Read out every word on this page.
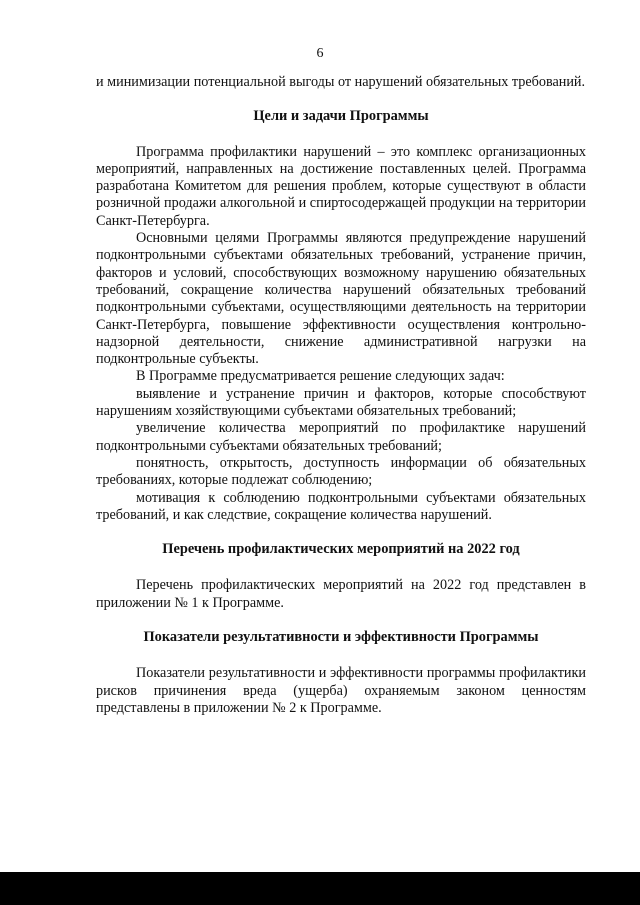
6

и минимизации потенциальной выгоды от нарушений обязательных требований.

Цели и задачи Программы

Программа профилактики нарушений – это комплекс организационных мероприятий, направленных на достижение поставленных целей. Программа разработана Комитетом для решения проблем, которые существуют в области розничной продажи алкогольной и спиртосодержащей продукции на территории Санкт-Петербурга.

Основными целями Программы являются предупреждение нарушений подконтрольными субъектами обязательных требований, устранение причин, факторов и условий, способствующих возможному нарушению обязательных требований, сокращение количества нарушений обязательных требований подконтрольными субъектами, осуществляющими деятельность на территории Санкт-Петербурга, повышение эффективности осуществления контрольно-надзорной деятельности, снижение административной нагрузки на подконтрольные субъекты.

В Программе предусматривается решение следующих задач:

выявление и устранение причин и факторов, которые способствуют нарушениям хозяйствующими субъектами обязательных требований;

увеличение количества мероприятий по профилактике нарушений подконтрольными субъектами обязательных требований;

понятность, открытость, доступность информации об обязательных требованиях, которые подлежат соблюдению;

мотивация к соблюдению подконтрольными субъектами обязательных требований, и как следствие, сокращение количества нарушений.

Перечень профилактических мероприятий на 2022 год

Перечень профилактических мероприятий на 2022 год представлен в приложении № 1 к Программе.

Показатели результативности и эффективности Программы

Показатели результативности и эффективности программы профилактики рисков причинения вреда (ущерба) охраняемым законом ценностям представлены в приложении № 2 к Программе.
